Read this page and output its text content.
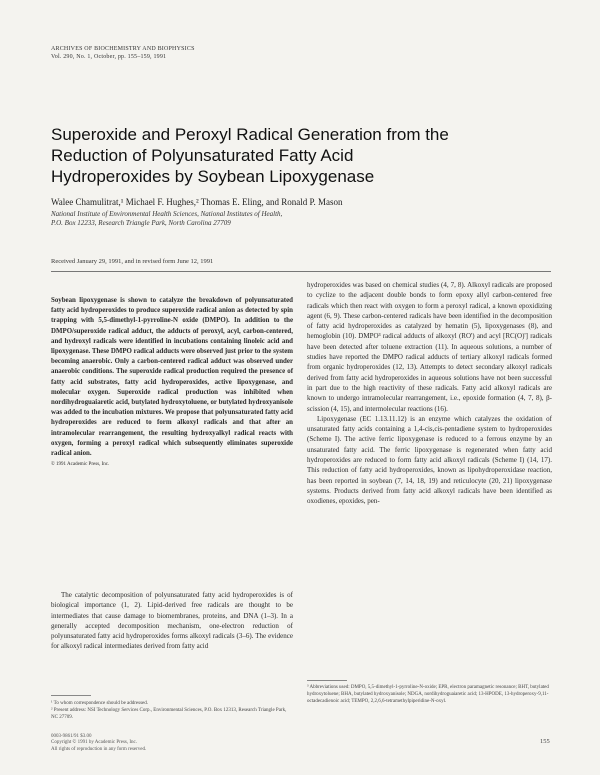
ARCHIVES OF BIOCHEMISTRY AND BIOPHYSICS
Vol. 290, No. 1, October, pp. 155–159, 1991
Superoxide and Peroxyl Radical Generation from the
Reduction of Polyunsaturated Fatty Acid
Hydroperoxides by Soybean Lipoxygenase
Walee Chamulitrat,¹ Michael F. Hughes,² Thomas E. Eling, and Ronald P. Mason
National Institute of Environmental Health Sciences, National Institutes of Health,
P.O. Box 12233, Research Triangle Park, North Carolina 27709
Received January 29, 1991, and in revised form June 12, 1991
Soybean lipoxygenase is shown to catalyze the breakdown of polyunsaturated fatty acid hydroperoxides to produce superoxide radical anion as detected by spin trapping with 5,5-dimethyl-1-pyrroline-N oxide (DMPO). In addition to the DMPO/superoxide radical adduct, the adducts of peroxyl, acyl, carbon-centered, and hydroxyl radicals were identified in incubations containing linoleic acid and lipoxygenase. These DMPO radical adducts were observed just prior to the system becoming anaerobic. Only a carbon-centered radical adduct was observed under anaerobic conditions. The superoxide radical production required the presence of fatty acid substrates, fatty acid hydroperoxides, active lipoxygenase, and molecular oxygen. Superoxide radical production was inhibited when nordihydroguaiaretic acid, butylated hydroxytoluene, or butylated hydroxyanisole was added to the incubation mixtures. We propose that polyunsaturated fatty acid hydroperoxides are reduced to form alkoxyl radicals and that after an intramolecular rearrangement, the resulting hydroxyalkyl radical reacts with oxygen, forming a peroxyl radical which subsequently eliminates superoxide radical anion.
© 1991 Academic Press, Inc.

The catalytic decomposition of polyunsaturated fatty acid hydroperoxides is of biological importance (1, 2). Lipid-derived free radicals are thought to be intermediates that cause damage to biomembranes, proteins, and DNA (1–3). In a generally accepted decomposition mechanism, one-electron reduction of polyunsaturated fatty acid hydroperoxides forms alkoxyl radicals (3–6). The evidence for alkoxyl radical intermediates derived from fatty acid

hydroperoxides was based on chemical studies (4, 7, 8). Alkoxyl radicals are proposed to cyclize to the adjacent double bonds to form epoxy allyl carbon-centered free radicals which then react with oxygen to form a peroxyl radical, a known epoxidizing agent (6, 9). These carbon-centered radicals have been identified in the decomposition of fatty acid hydroperoxides as catalyzed by hematin (5), lipoxygenases (8), and hemoglobin (10). DMPO³ radical adducts of alkoxyl (RO') and acyl [RC(O)'] radicals have been detected after toluene extraction (11). In aqueous solutions, a number of studies have reported the DMPO radical adducts of tertiary alkoxyl radicals formed from organic hydroperoxides (12, 13). Attempts to detect secondary alkoxyl radicals derived from fatty acid hydroperoxides in aqueous solutions have not been successful in part due to the high reactivity of these radicals. Fatty acid alkoxyl radicals are known to undergo intramolecular rearrangement, i.e., epoxide formation (4, 7, 8), β-scission (4, 15), and intermolecular reactions (16).

Lipoxygenase (EC 1.13.11.12) is an enzyme which catalyzes the oxidation of unsaturated fatty acids containing a 1,4-cis,cis-pentadiene system to hydroperoxides (Scheme I). The active ferric lipoxygenase is reduced to a ferrous enzyme by an unsaturated fatty acid. The ferric lipoxygenase is regenerated when fatty acid hydroperoxides are reduced to form fatty acid alkoxyl radicals (Scheme I) (14, 17). This reduction of fatty acid hydroperoxides, known as lipohydroperoxidase reaction, has been reported in soybean (7, 14, 18, 19) and reticulocyte (20, 21) lipoxygenase systems. Products derived from fatty acid alkoxyl radicals have been identified as oxodienes, epoxides, pen-

¹ To whom correspondence should be addressed.
² Present address: NSI Technology Services Corp., Environmental Sciences, P.O. Box 12313, Research Triangle Park, NC 27709.
³ Abbreviations used: DMPO, 5,5-dimethyl-1-pyrroline-N-oxide; EPR, electron paramagnetic resonance; BHT, butylated hydroxytoluene; BHA, butylated hydroxyanisole; NDGA, nordihydroguaiaretic acid; 13-HPODE, 13-hydroperoxy-9,11-octadecadienoic acid; TEMPO, 2,2,6,6-tetramethylpiperidine-N-oxyl.
0003-9861/91 $3.00
Copyright © 1991 by Academic Press, Inc.
All rights of reproduction in any form reserved.
155
